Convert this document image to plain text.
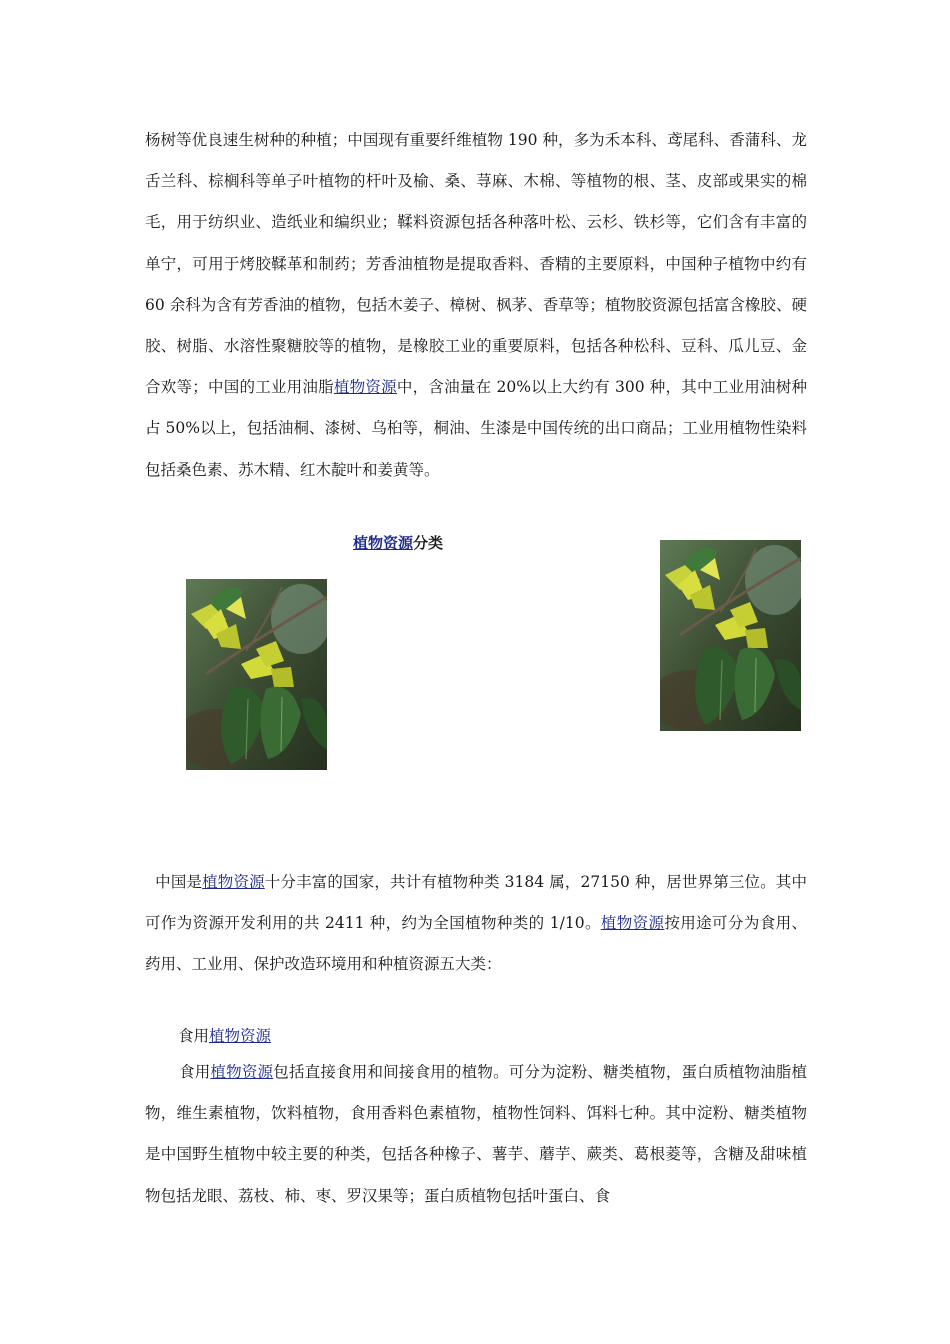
杨树等优良速生树种的种植；中国现有重要纤维植物 190 种，多为禾本科、鸢尾科、香蒲科、龙舌兰科、棕榈科等单子叶植物的杆叶及榆、桑、荨麻、木棉、等植物的根、茎、皮部或果实的棉毛，用于纺织业、造纸业和编织业；鞣料资源包括各种落叶松、云杉、铁杉等，它们含有丰富的单宁，可用于烤胶鞣革和制药；芳香油植物是提取香料、香精的主要原料，中国种子植物中约有 60 余科为含有芳香油的植物，包括木姜子、樟树、枫茅、香草等；植物胶资源包括富含橡胶、硬胶、树脂、水溶性聚糖胶等的植物，是橡胶工业的重要原料，包括各种松科、豆科、瓜儿豆、金合欢等；中国的工业用油脂植物资源中，含油量在 20%以上大约有 300 种，其中工业用油树种占 50%以上，包括油桐、漆树、乌桕等，桐油、生漆是中国传统的出口商品；工业用植物性染料包括桑色素、苏木精、红木靛叶和姜黄等。

植物资源分类

中国是植物资源十分丰富的国家，共计有植物种类 3184 属，27150 种，居世界第三位。其中可作为资源开发利用的共 2411 种，约为全国植物种类的 1/10。植物资源按用途可分为食用、药用、工业用、保护改造环境用和种植资源五大类：

食用植物资源

食用植物资源包括直接食用和间接食用的植物。可分为淀粉、糖类植物，蛋白质植物油脂植物，维生素植物，饮料植物，食用香料色素植物，植物性饲料、饵料七种。其中淀粉、糖类植物是中国野生植物中较主要的种类，包括各种橡子、薯芋、蘑芋、蕨类、葛根菱等，含糖及甜味植物包括龙眼、荔枝、柿、枣、罗汉果等；蛋白质植物包括叶蛋白、食
